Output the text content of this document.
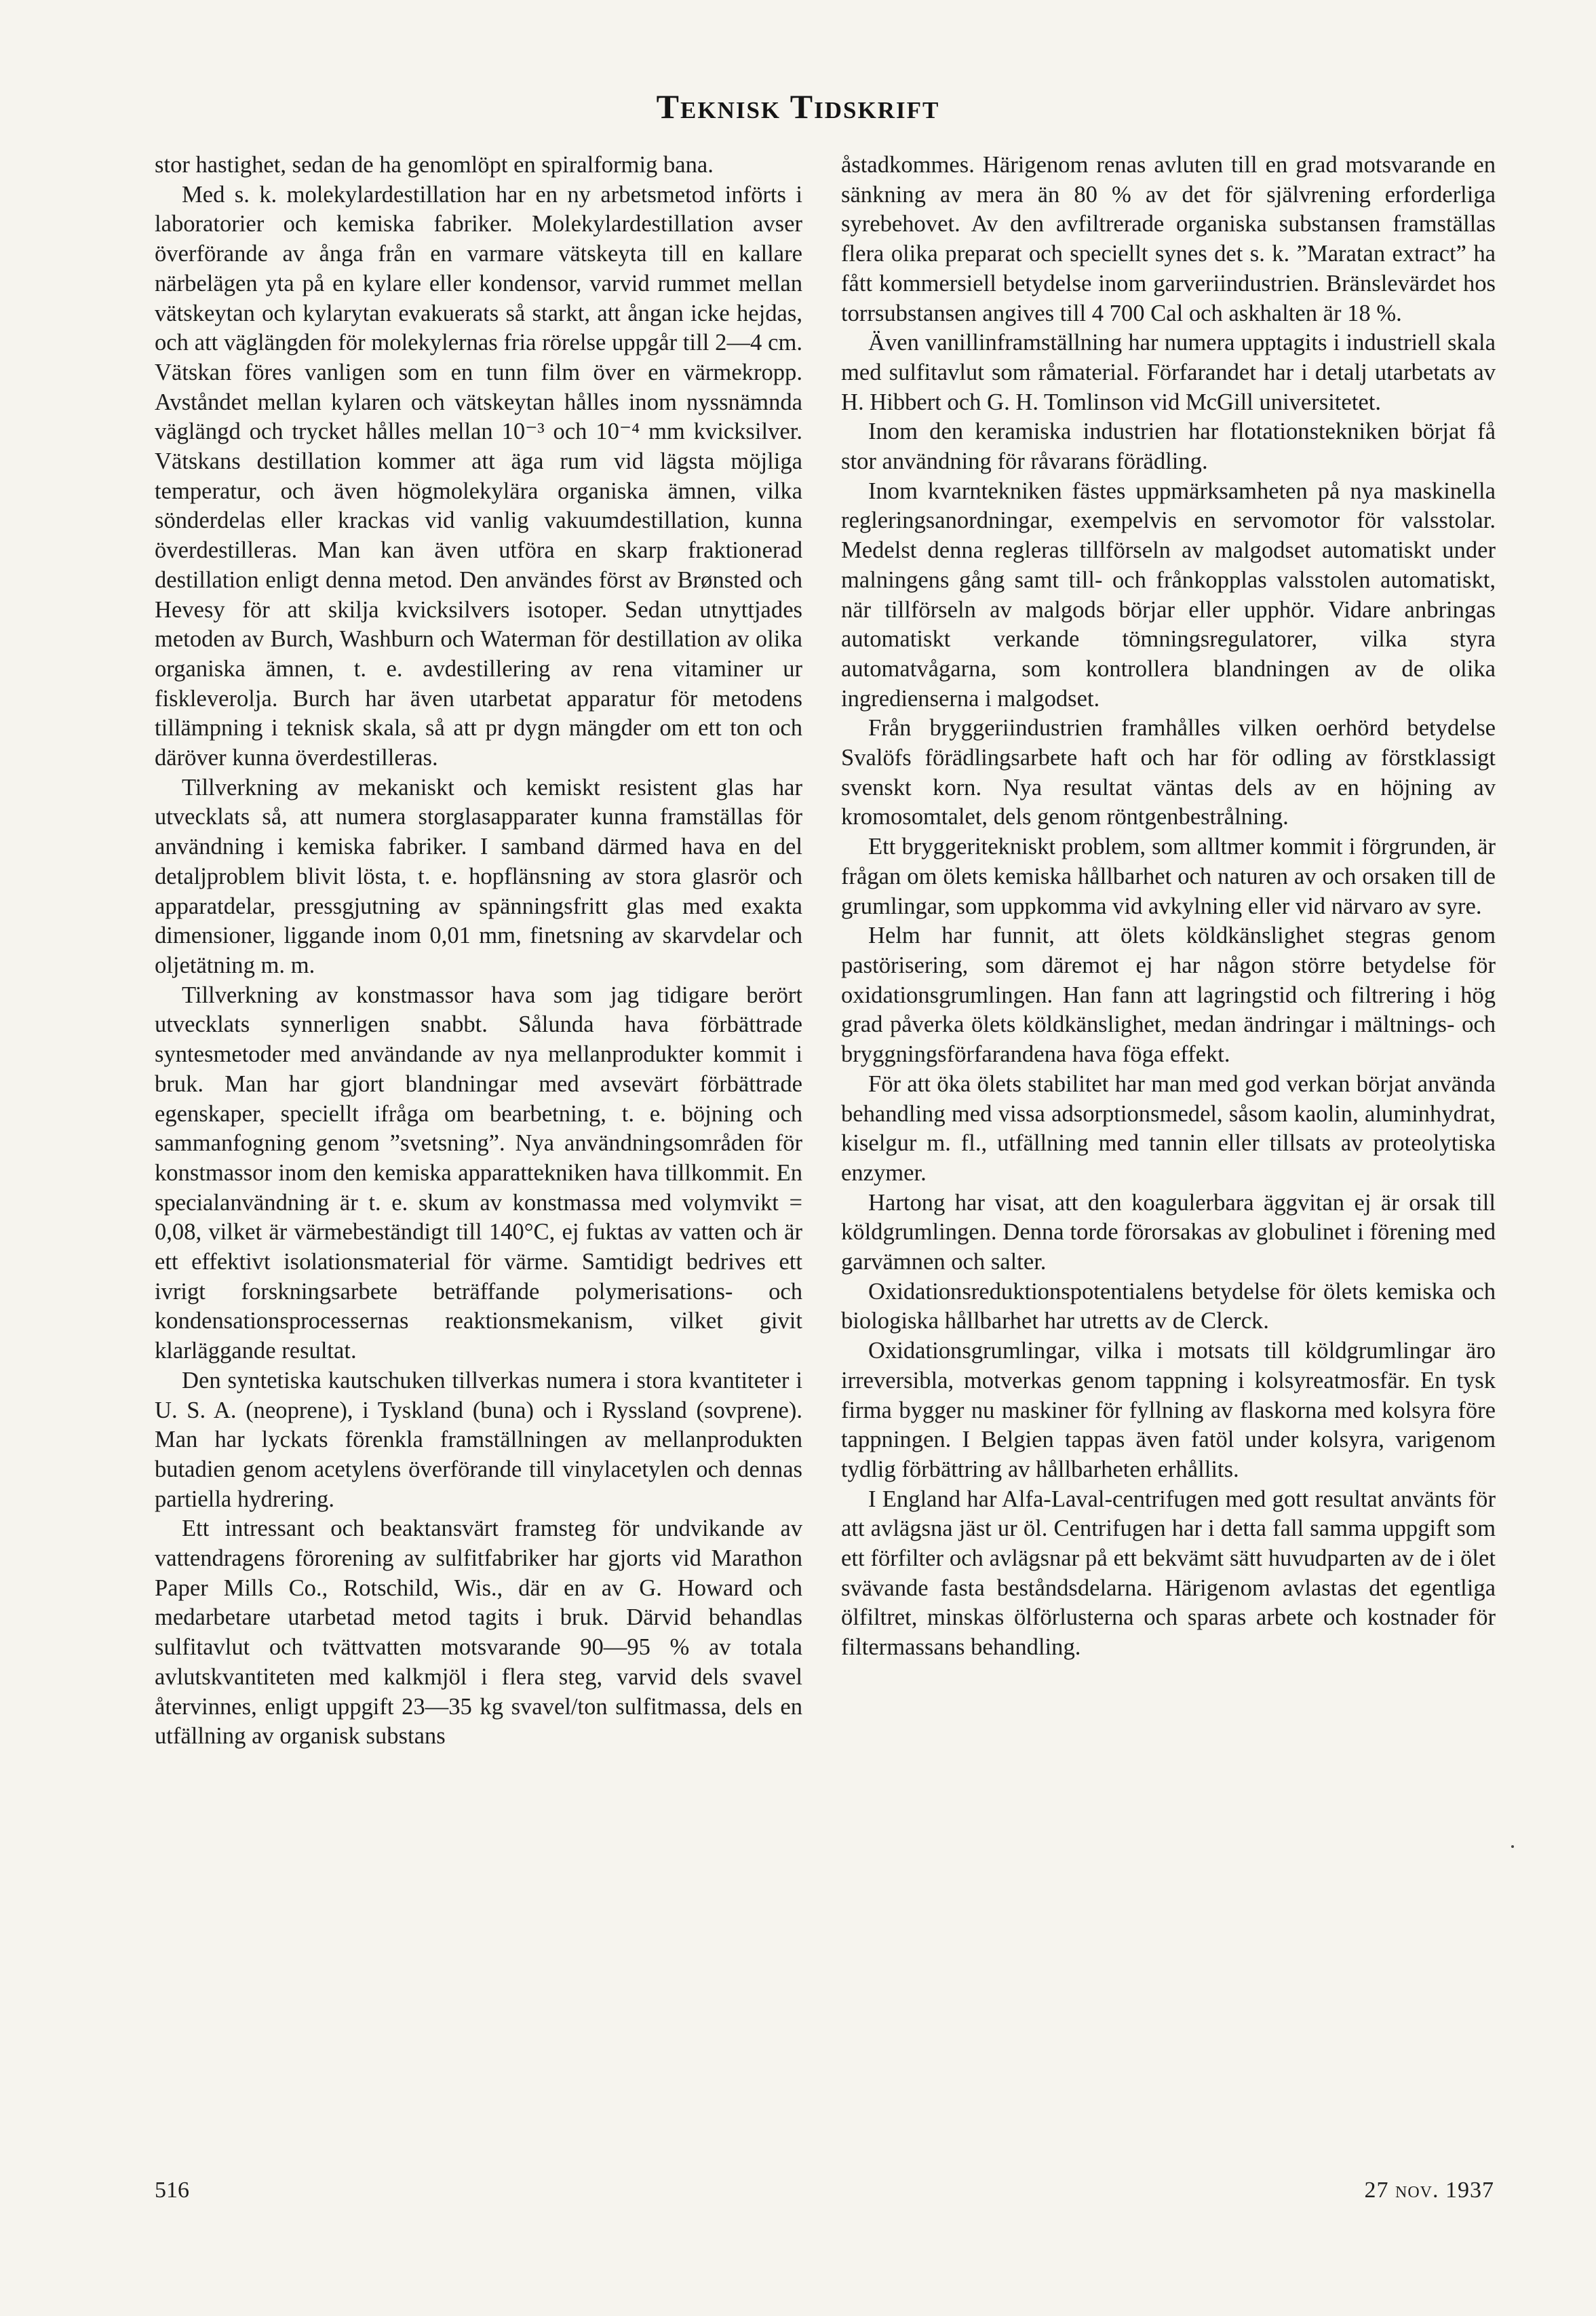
Teknisk Tidskrift

stor hastighet, sedan de ha genomlöpt en spiralformig bana.

Med s. k. molekylardestillation har en ny arbetsmetod införts i laboratorier och kemiska fabriker. Molekylardestillation avser överförande av ånga från en varmare vätskeyta till en kallare närbelägen yta på en kylare eller kondensor, varvid rummet mellan vätskeytan och kylarytan evakuerats så starkt, att ångan icke hejdas, och att väglängden för molekylernas fria rörelse uppgår till 2—4 cm. Vätskan föres vanligen som en tunn film över en värmekropp. Avståndet mellan kylaren och vätskeytan hålles inom nyssnämnda väglängd och trycket hålles mellan 10⁻³ och 10⁻⁴ mm kvicksilver. Vätskans destillation kommer att äga rum vid lägsta möjliga temperatur, och även högmolekylära organiska ämnen, vilka sönderdelas eller krackas vid vanlig vakuumdestillation, kunna överdestilleras. Man kan även utföra en skarp fraktionerad destillation enligt denna metod. Den användes först av Brønsted och Hevesy för att skilja kvicksilvers isotoper. Sedan utnyttjades metoden av Burch, Washburn och Waterman för destillation av olika organiska ämnen, t. e. avdestillering av rena vitaminer ur fiskleverolja. Burch har även utarbetat apparatur för metodens tillämpning i teknisk skala, så att pr dygn mängder om ett ton och däröver kunna överdestilleras.

Tillverkning av mekaniskt och kemiskt resistent glas har utvecklats så, att numera storglasapparater kunna framställas för användning i kemiska fabriker. I samband därmed hava en del detaljproblem blivit lösta, t. e. hopflänsning av stora glasrör och apparatdelar, pressgjutning av spänningsfritt glas med exakta dimensioner, liggande inom 0,01 mm, finetsning av skarvdelar och oljetätning m. m.

Tillverkning av konstmassor hava som jag tidigare berört utvecklats synnerligen snabbt. Sålunda hava förbättrade syntesmetoder med användande av nya mellanprodukter kommit i bruk. Man har gjort blandningar med avsevärt förbättrade egenskaper, speciellt ifråga om bearbetning, t. e. böjning och sammanfogning genom ”svetsning”. Nya användningsområden för konstmassor inom den kemiska apparattekniken hava tillkommit. En specialanvändning är t. e. skum av konstmassa med volymvikt = 0,08, vilket är värmebeständigt till 140°C, ej fuktas av vatten och är ett effektivt isolationsmaterial för värme. Samtidigt bedrives ett ivrigt forskningsarbete beträffande polymerisations- och kondensationsprocessernas reaktionsmekanism, vilket givit klarläggande resultat.

Den syntetiska kautschuken tillverkas numera i stora kvantiteter i U. S. A. (neoprene), i Tyskland (buna) och i Ryssland (sovprene). Man har lyckats förenkla framställningen av mellanprodukten butadien genom acetylens överförande till vinylacetylen och dennas partiella hydrering.

Ett intressant och beaktansvärt framsteg för undvikande av vattendragens förorening av sulfitfabriker har gjorts vid Marathon Paper Mills Co., Rotschild, Wis., där en av G. Howard och medarbetare utarbetad metod tagits i bruk. Därvid behandlas sulfitavlut och tvättvatten motsvarande 90—95 % av totala avlutskvantiteten med kalkmjöl i flera steg, varvid dels svavel återvinnes, enligt uppgift 23—35 kg svavel/ton sulfitmassa, dels en utfällning av organisk substans

åstadkommes. Härigenom renas avluten till en grad motsvarande en sänkning av mera än 80 % av det för självrening erforderliga syrebehovet. Av den avfiltrerade organiska substansen framställas flera olika preparat och speciellt synes det s. k. ”Maratan extract” ha fått kommersiell betydelse inom garveriindustrien. Bränslevärdet hos torrsubstansen angives till 4 700 Cal och askhalten är 18 %.

Även vanillinframställning har numera upptagits i industriell skala med sulfitavlut som råmaterial. Förfarandet har i detalj utarbetats av H. Hibbert och G. H. Tomlinson vid McGill universitetet.

Inom den keramiska industrien har flotationstekniken börjat få stor användning för råvarans förädling.

Inom kvarntekniken fästes uppmärksamheten på nya maskinella regleringsanordningar, exempelvis en servomotor för valsstolar. Medelst denna regleras tillförseln av malgodset automatiskt under malningens gång samt till- och frånkopplas valsstolen automatiskt, när tillförseln av malgods börjar eller upphör. Vidare anbringas automatiskt verkande tömningsregulatorer, vilka styra automatvågarna, som kontrollera blandningen av de olika ingredienserna i malgodset.

Från bryggeriindustrien framhålles vilken oerhörd betydelse Svalöfs förädlingsarbete haft och har för odling av förstklassigt svenskt korn. Nya resultat väntas dels av en höjning av kromosomtalet, dels genom röntgenbestrålning.

Ett bryggeritekniskt problem, som alltmer kommit i förgrunden, är frågan om ölets kemiska hållbarhet och naturen av och orsaken till de grumlingar, som uppkomma vid avkylning eller vid närvaro av syre.

Helm har funnit, att ölets köldkänslighet stegras genom pastörisering, som däremot ej har någon större betydelse för oxidationsgrumlingen. Han fann att lagringstid och filtrering i hög grad påverka ölets köldkänslighet, medan ändringar i mältnings- och bryggningsförfarandena hava föga effekt.

För att öka ölets stabilitet har man med god verkan börjat använda behandling med vissa adsorptionsmedel, såsom kaolin, aluminhydrat, kiselgur m. fl., utfällning med tannin eller tillsats av proteolytiska enzymer.

Hartong har visat, att den koagulerbara äggvitan ej är orsak till köldgrumlingen. Denna torde förorsakas av globulinet i förening med garvämnen och salter.

Oxidationsreduktionspotentialens betydelse för ölets kemiska och biologiska hållbarhet har utretts av de Clerck.

Oxidationsgrumlingar, vilka i motsats till köldgrumlingar äro irreversibla, motverkas genom tappning i kolsyreatmosfär. En tysk firma bygger nu maskiner för fyllning av flaskorna med kolsyra före tappningen. I Belgien tappas även fatöl under kolsyra, varigenom tydlig förbättring av hållbarheten erhållits.

I England har Alfa-Laval-centrifugen med gott resultat använts för att avlägsna jäst ur öl. Centrifugen har i detta fall samma uppgift som ett förfilter och avlägsnar på ett bekvämt sätt huvudparten av de i ölet svävande fasta beståndsdelarna. Härigenom avlastas det egentliga ölfiltret, minskas ölförlusterna och sparas arbete och kostnader för filtermassans behandling.

516	27 nov. 1937
